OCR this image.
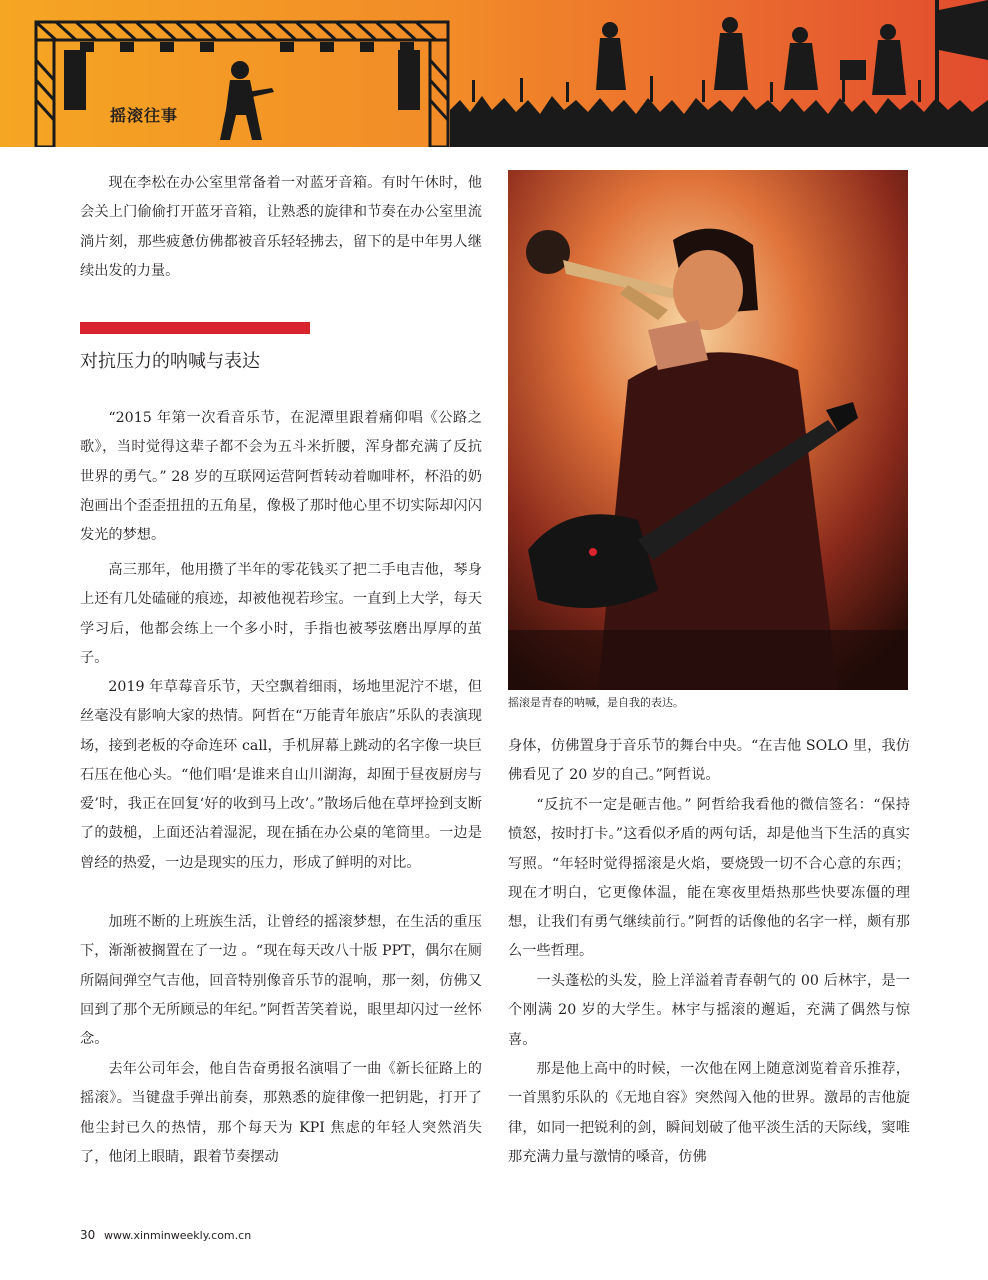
摇滚往事

现在李松在办公室里常备着一对蓝牙音箱。有时午休时，他会关上门偷偷打开蓝牙音箱，让熟悉的旋律和节奏在办公室里流淌片刻，那些疲惫仿佛都被音乐轻轻拂去，留下的是中年男人继续出发的力量。

对抗压力的呐喊与表达

“2015 年第一次看音乐节，在泥潭里跟着痛仰唱《公路之歌》，当时觉得这辈子都不会为五斗米折腰，浑身都充满了反抗世界的勇气。” 28 岁的互联网运营阿哲转动着咖啡杯，杯沿的奶泡画出个歪歪扭扭的五角星，像极了那时他心里不切实际却闪闪发光的梦想。

高三那年，他用攒了半年的零花钱买了把二手电吉他，琴身上还有几处磕碰的痕迹，却被他视若珍宝。一直到上大学，每天学习后，他都会练上一个多小时，手指也被琴弦磨出厚厚的茧子。

2019 年草莓音乐节，天空飘着细雨，场地里泥泞不堪，但丝毫没有影响大家的热情。阿哲在“万能青年旅店”乐队的表演现场，接到老板的夺命连环 call，手机屏幕上跳动的名字像一块巨石压在他心头。“他们唱‘是谁来自山川湖海，却囿于昼夜厨房与爱’时，我正在回复‘好的收到马上改’。”散场后他在草坪捡到支断了的鼓槌，上面还沾着湿泥，现在插在办公桌的笔筒里。一边是曾经的热爱，一边是现实的压力，形成了鲜明的对比。

加班不断的上班族生活，让曾经的摇滚梦想，在生活的重压下，渐渐被搁置在了一边 。“现在每天改八十版 PPT，偶尔在厕所隔间弹空气吉他，回音特别像音乐节的混响，那一刻，仿佛又回到了那个无所顾忌的年纪。”阿哲苦笑着说，眼里却闪过一丝怀念。

去年公司年会，他自告奋勇报名演唱了一曲《新长征路上的摇滚》。当键盘手弹出前奏，那熟悉的旋律像一把钥匙，打开了他尘封已久的热情，那个每天为 KPI 焦虑的年轻人突然消失了，他闭上眼睛，跟着节奏摆动

摇滚是青春的呐喊，是自我的表达。

身体，仿佛置身于音乐节的舞台中央。“在吉他 SOLO 里，我仿佛看见了 20 岁的自己。”阿哲说。

“反抗不一定是砸吉他。” 阿哲给我看他的微信签名：“保持愤怒，按时打卡。”这看似矛盾的两句话，却是他当下生活的真实写照。“年轻时觉得摇滚是火焰，要烧毁一切不合心意的东西；现在才明白，它更像体温，能在寒夜里焐热那些快要冻僵的理想，让我们有勇气继续前行。”阿哲的话像他的名字一样，颇有那么一些哲理。

一头蓬松的头发，脸上洋溢着青春朝气的 00 后林宇，是一个刚满 20 岁的大学生。林宇与摇滚的邂逅，充满了偶然与惊喜。

那是他上高中的时候，一次他在网上随意浏览着音乐推荐，一首黑豹乐队的《无地自容》突然闯入他的世界。激昂的吉他旋律，如同一把锐利的剑，瞬间划破了他平淡生活的天际线，窦唯那充满力量与激情的嗓音，仿佛

30 www.xinminweekly.com.cn
